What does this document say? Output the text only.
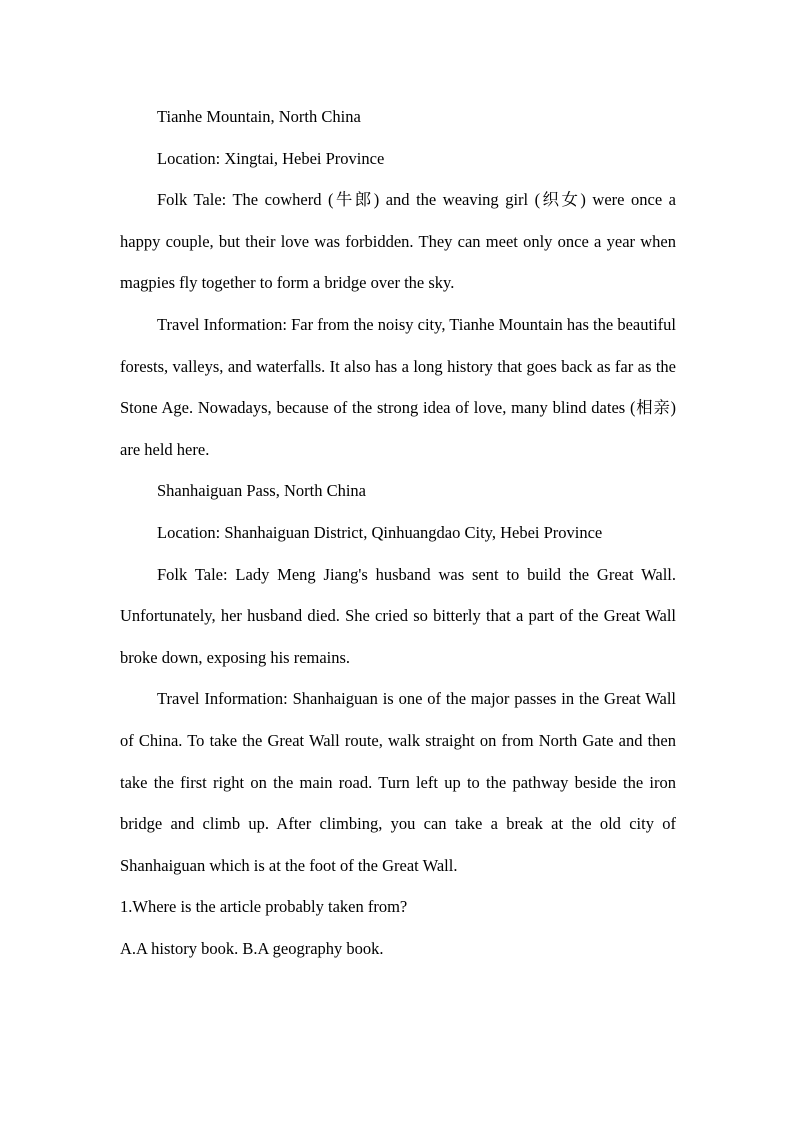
Tianhe Mountain, North China

Location: Xingtai, Hebei Province

Folk Tale: The cowherd (牛郎) and the weaving girl (织女) were once a happy couple, but their love was forbidden. They can meet only once a year when magpies fly together to form a bridge over the sky.

Travel Information: Far from the noisy city, Tianhe Mountain has the beautiful forests, valleys, and waterfalls. It also has a long history that goes back as far as the Stone Age. Nowadays, because of the strong idea of love, many blind dates (相亲) are held here.

Shanhaiguan Pass, North China

Location: Shanhaiguan District, Qinhuangdao City, Hebei Province

Folk Tale: Lady Meng Jiang's husband was sent to build the Great Wall. Unfortunately, her husband died. She cried so bitterly that a part of the Great Wall broke down, exposing his remains.

Travel Information: Shanhaiguan is one of the major passes in the Great Wall of China. To take the Great Wall route, walk straight on from North Gate and then take the first right on the main road. Turn left up to the pathway beside the iron bridge and climb up. After climbing, you can take a break at the old city of Shanhaiguan which is at the foot of the Great Wall.

1.Where is the article probably taken from?

A.A history book. B.A geography book.
